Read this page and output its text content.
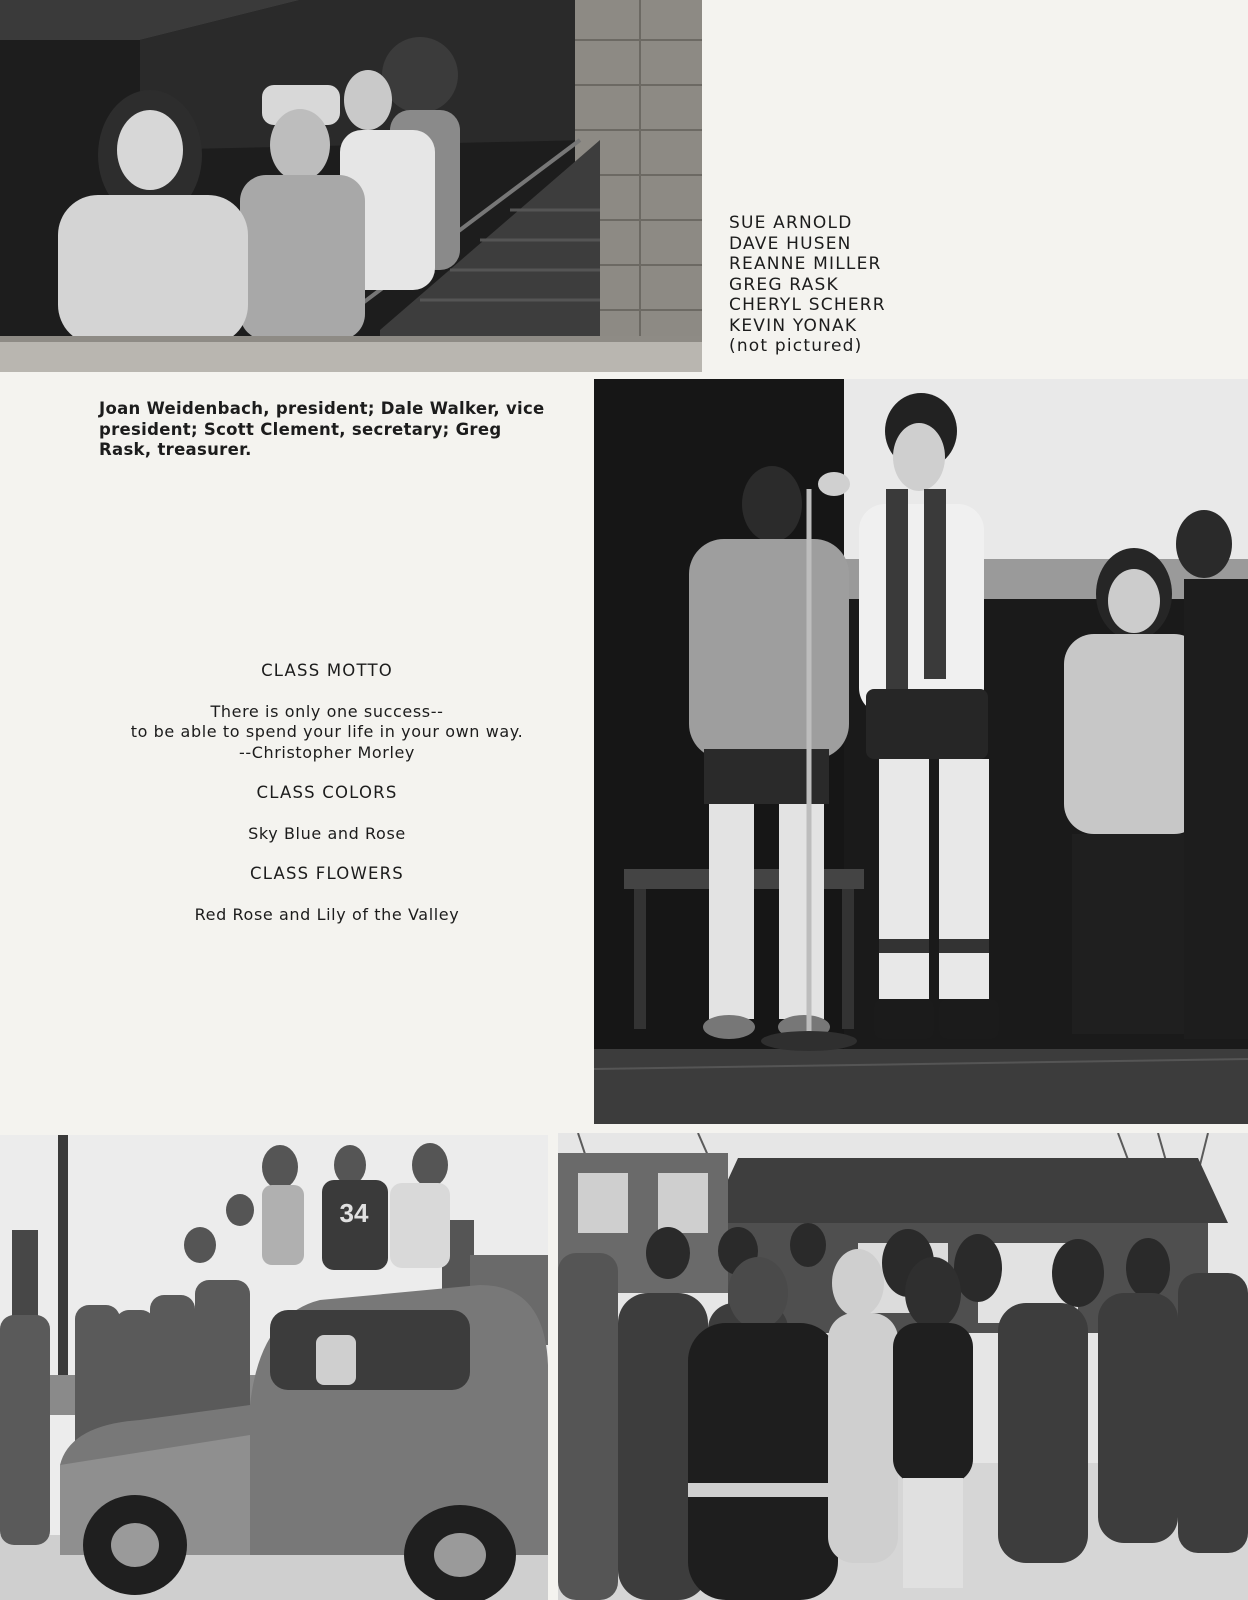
SUE ARNOLD
DAVE HUSEN
REANNE MILLER
GREG RASK
CHERYL SCHERR
KEVIN YONAK
(not pictured)
Joan Weidenbach, president; Dale Walker, vice president; Scott Clement, secretary; Greg Rask, treasurer.
CLASS MOTTO
There is only one success--
to be able to spend your life in your own way.
--Christopher Morley
CLASS COLORS
Sky Blue and Rose
CLASS FLOWERS
Red Rose and Lily of the Valley
34
